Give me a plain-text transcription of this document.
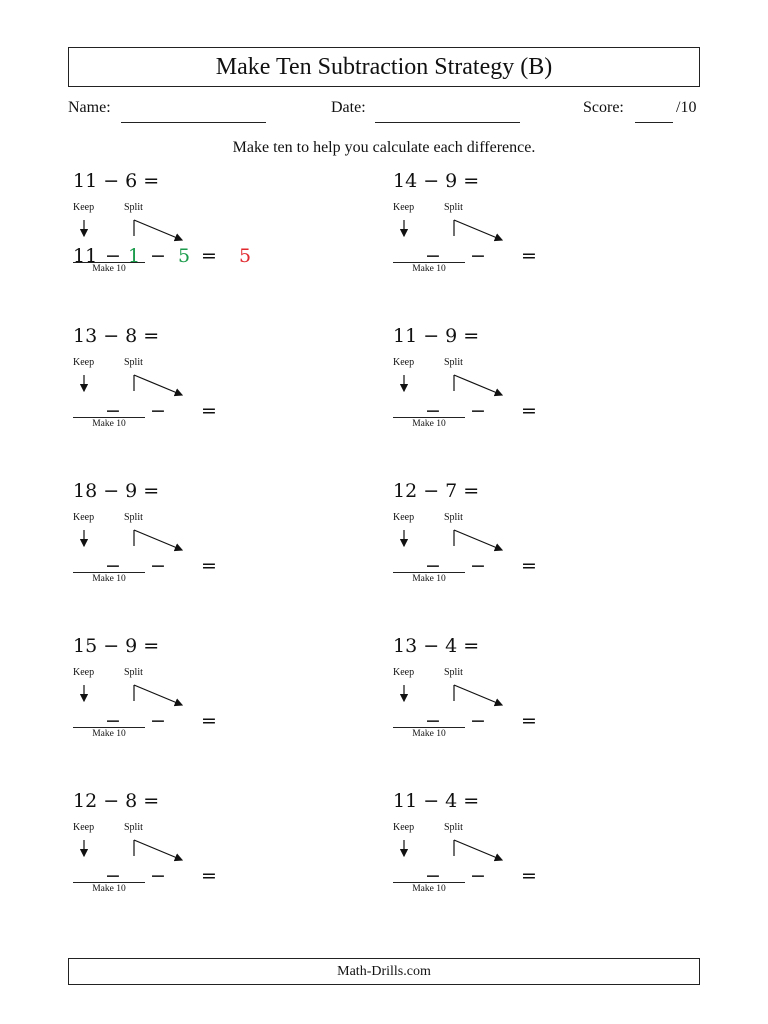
Make Ten Subtraction Strategy (B)
Name:	Date:	Score:	/10
Make ten to help you calculate each difference.
11 − 6 =
Keep	Split
− − =
11 1 5	5
Make 10
14 − 9 =
Keep	Split
− − =
Make 10
13 − 8 =
Keep	Split
− − =
Make 10
11 − 9 =
Keep	Split
− − =
Make 10
18 − 9 =
Keep	Split
− − =
Make 10
12 − 7 =
Keep	Split
− − =
Make 10
15 − 9 =
Keep	Split
− − =
Make 10
13 − 4 =
Keep	Split
− − =
Make 10
12 − 8 =
Keep	Split
− − =
Make 10
11 − 4 =
Keep	Split
− − =
Make 10
Math-Drills.com
